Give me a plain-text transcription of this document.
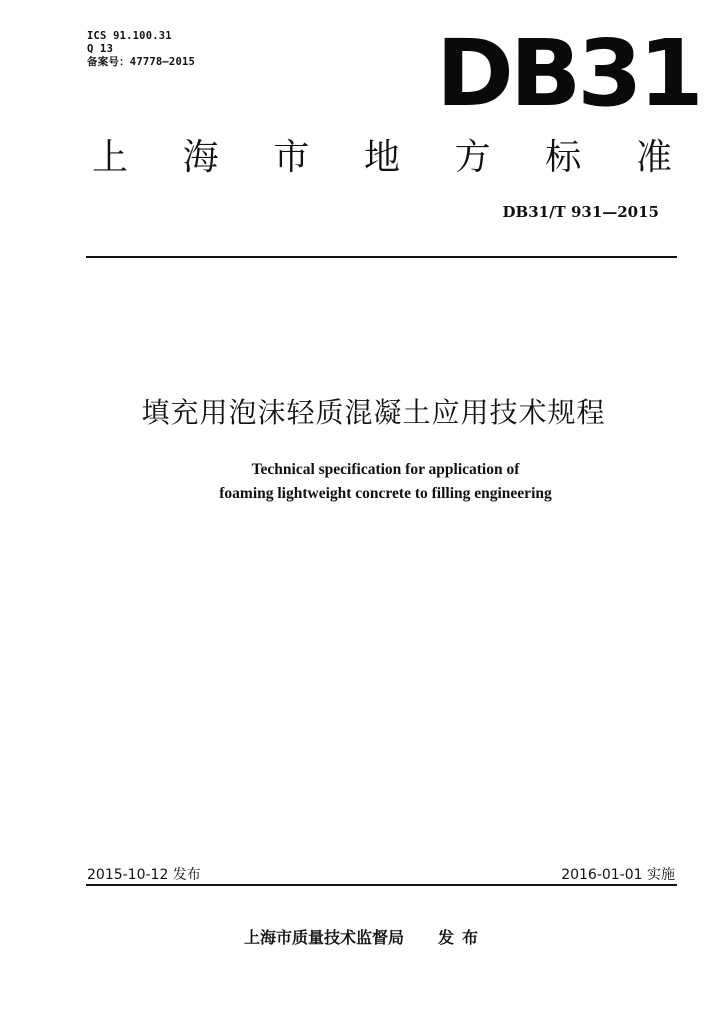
ICS 91.100.31
Q 13
备案号：47778—2015	DB31
上 海 市 地 方 标 准
DB31/T 931—2015
填充用泡沫轻质混凝土应用技术规程
Technical specification for application of
foaming lightweight concrete to filling engineering
2015-10-12 发布	2016-01-01 实施
上海市质量技术监督局 发布
